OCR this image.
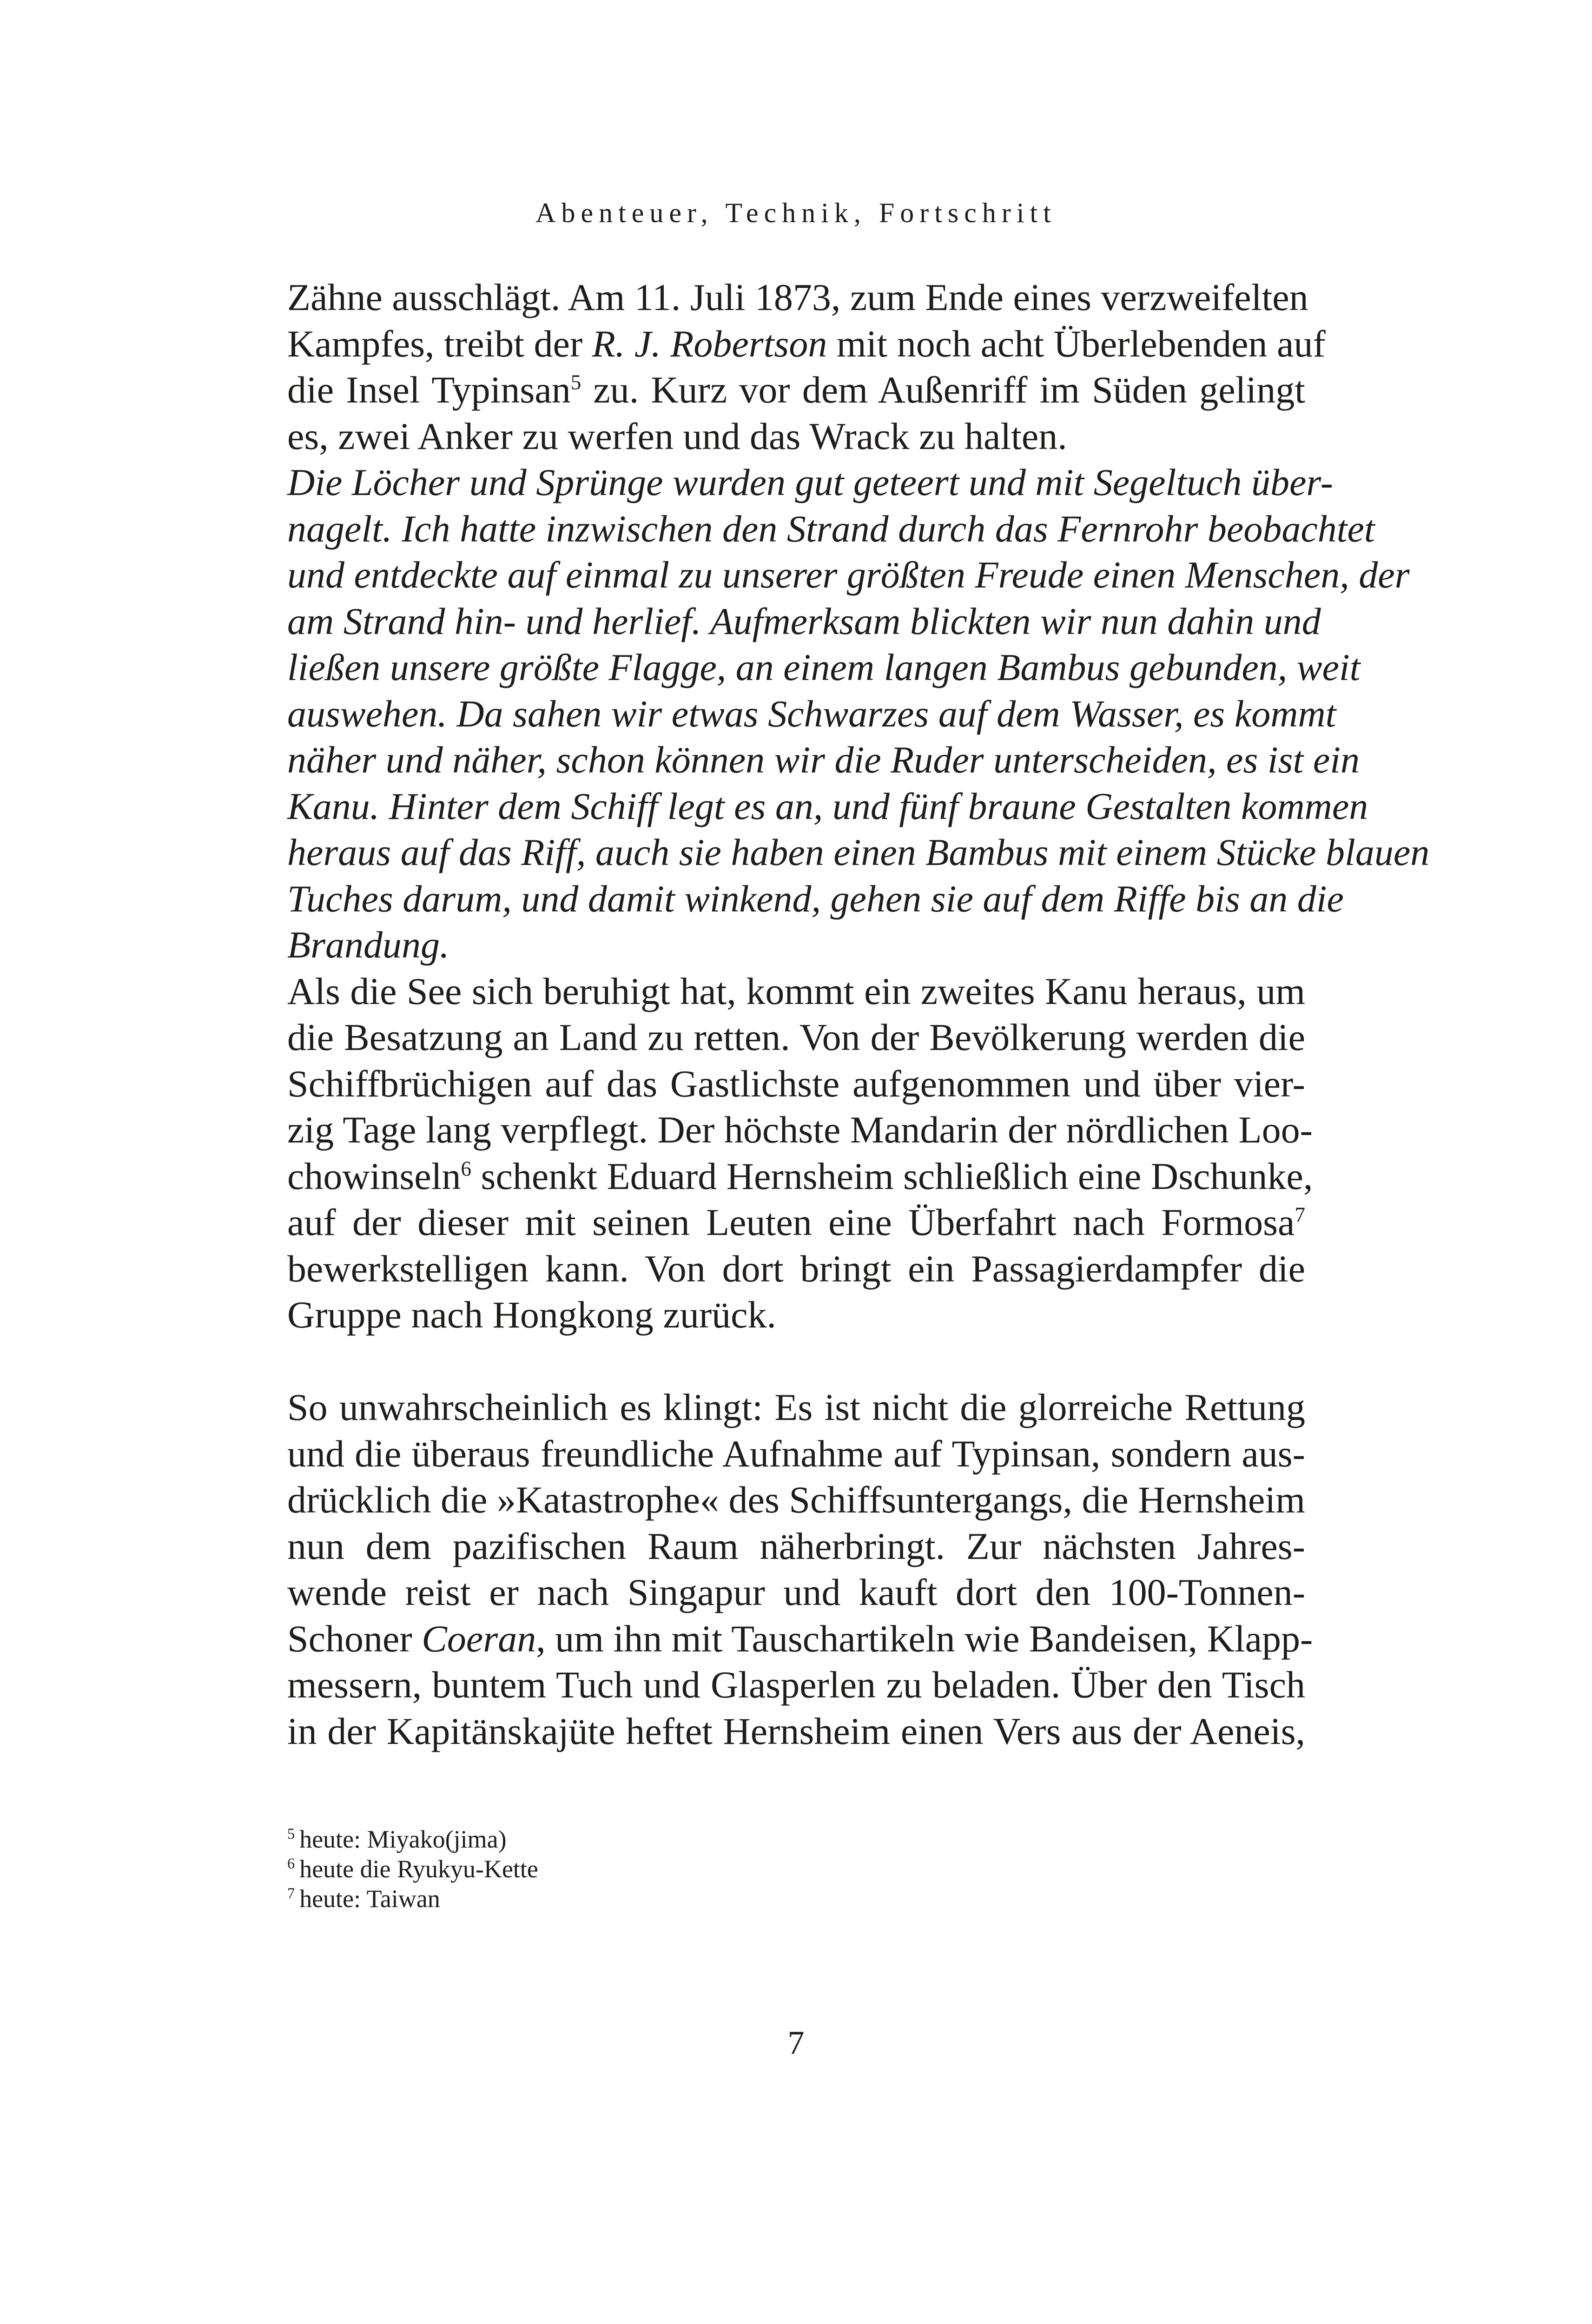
Abenteuer, Technik, Fortschritt
Zähne ausschlägt. Am 11. Juli 1873, zum Ende eines verzweifelten
Kampfes, treibt der R. J. Robertson mit noch acht Überlebenden auf
die Insel Typinsan$^5$ zu. Kurz vor dem Außenriff im Süden gelingt
es, zwei Anker zu werfen und das Wrack zu halten.
Die Löcher und Sprünge wurden gut geteert und mit Segeltuch über-
nagelt. Ich hatte inzwischen den Strand durch das Fernrohr beobachtet
und entdeckte auf einmal zu unserer größten Freude einen Menschen, der
am Strand hin- und herlief. Aufmerksam blickten wir nun dahin und
ließen unsere größte Flagge, an einem langen Bambus gebunden, weit
auswehen. Da sahen wir etwas Schwarzes auf dem Wasser, es kommt
näher und näher, schon können wir die Ruder unterscheiden, es ist ein
Kanu. Hinter dem Schiff legt es an, und fünf braune Gestalten kommen
heraus auf das Riff, auch sie haben einen Bambus mit einem Stücke blauen
Tuches darum, und damit winkend, gehen sie auf dem Riffe bis an die
Brandung.
Als die See sich beruhigt hat, kommt ein zweites Kanu heraus, um
die Besatzung an Land zu retten. Von der Bevölkerung werden die
Schiffbrüchigen auf das Gastlichste aufgenommen und über vier-
zig Tage lang verpflegt. Der höchste Mandarin der nördlichen Loo-
chowinseln$^6$ schenkt Eduard Hernsheim schließlich eine Dschunke,
auf der dieser mit seinen Leuten eine Überfahrt nach Formosa$^7$
bewerkstelligen kann. Von dort bringt ein Passagierdampfer die
Gruppe nach Hongkong zurück.
So unwahrscheinlich es klingt: Es ist nicht die glorreiche Rettung
und die überaus freundliche Aufnahme auf Typinsan, sondern aus-
drücklich die »Katastrophe« des Schiffsuntergangs, die Hernsheim
nun dem pazifischen Raum näherbringt. Zur nächsten Jahres-
wende reist er nach Singapur und kauft dort den 100-Tonnen-
Schoner Coeran, um ihn mit Tauschartikeln wie Bandeisen, Klapp-
messern, buntem Tuch und Glasperlen zu beladen. Über den Tisch
in der Kapitänskajüte heftet Hernsheim einen Vers aus der Aeneis,
$^5$ heute: Miyako(jima)
$^6$ heute die Ryukyu-Kette
$^7$ heute: Taiwan
7
